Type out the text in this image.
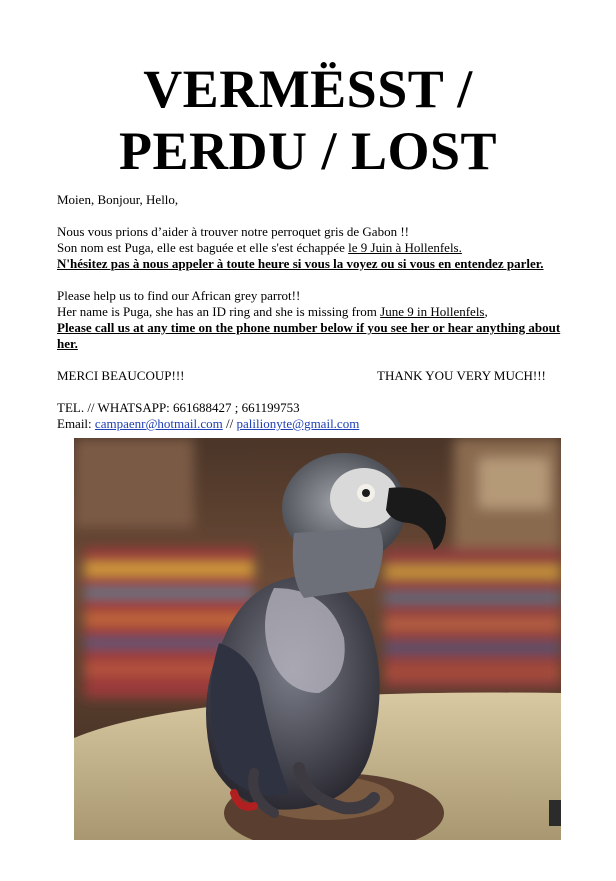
VERMËSST /
PERDU / LOST

Moien, Bonjour, Hello,

Nous vous prions d’aider à trouver notre perroquet gris de Gabon !!

Son nom est Puga, elle est baguée et elle s'est échappée le 9 Juin à Hollenfels.

N'hésitez pas à nous appeler à toute heure si vous la voyez ou si vous en entendez parler.

Please help us to find our African grey parrot!!

Her name is Puga, she has an ID ring and she is missing from June 9 in Hollenfels,

Please call us at any time on the phone number below if you see her or hear anything about her.

MERCI BEAUCOUP!!!	THANK YOU VERY MUCH!!!

TEL. // WHATSAPP: 661688427 ; 661199753

Email: campaenr@hotmail.com // palilionyte@gmail.com
